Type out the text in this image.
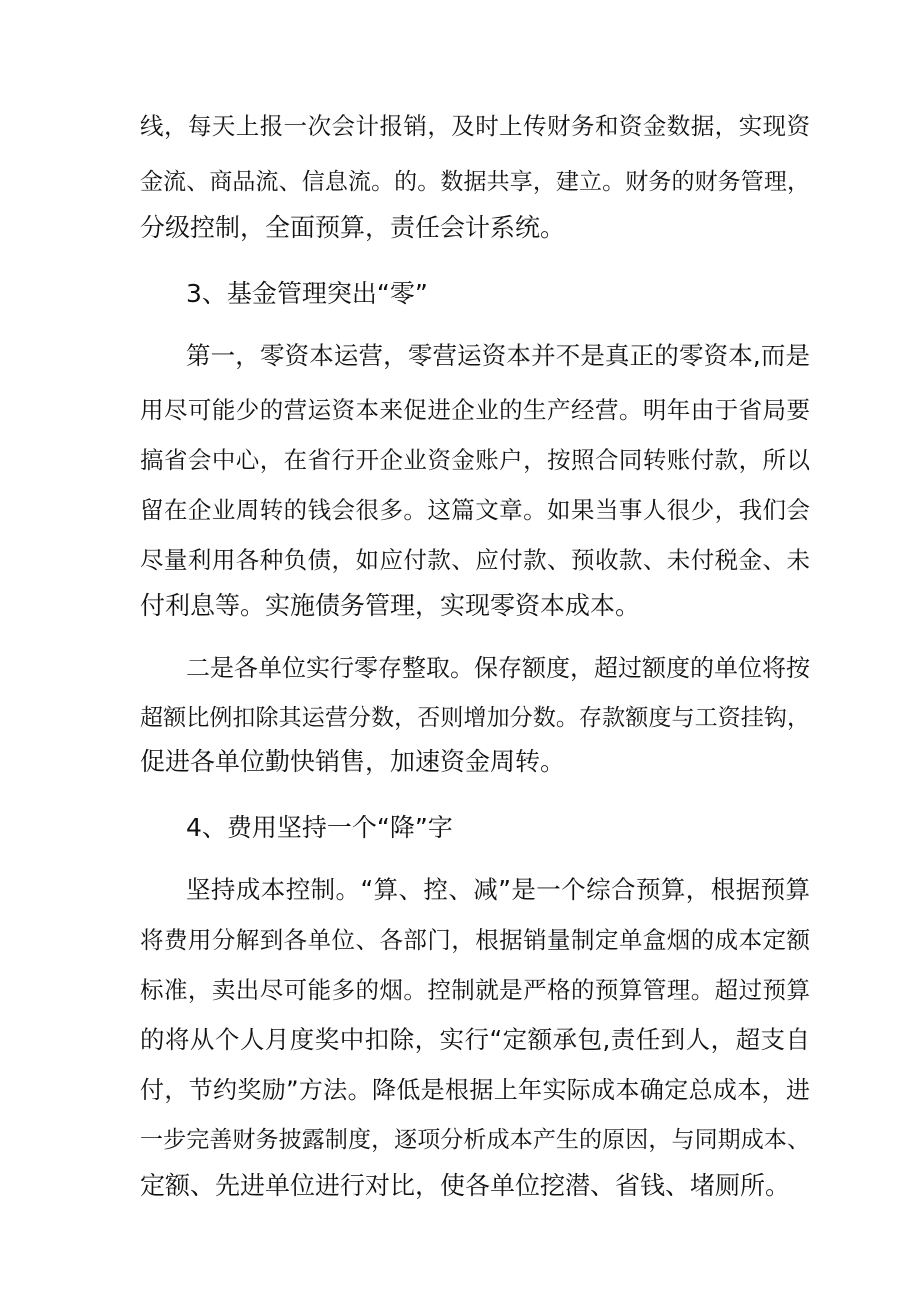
线，每天上报一次会计报销，及时上传财务和资金数据，实现资
金流、商品流、信息流。的。数据共享，建立。财务的财务管理，
分级控制，全面预算，责任会计系统。
3、基金管理突出“零”
第一，零资本运营，零营运资本并不是真正的零资本,而是
用尽可能少的营运资本来促进企业的生产经营。明年由于省局要
搞省会中心，在省行开企业资金账户，按照合同转账付款，所以
留在企业周转的钱会很多。这篇文章。如果当事人很少，我们会
尽量利用各种负债，如应付款、应付款、预收款、未付税金、未
付利息等。实施债务管理，实现零资本成本。
二是各单位实行零存整取。保存额度，超过额度的单位将按
超额比例扣除其运营分数，否则增加分数。存款额度与工资挂钩，
促进各单位勤快销售，加速资金周转。
4、费用坚持一个“降”字
坚持成本控制。“算、控、减”是一个综合预算，根据预算
将费用分解到各单位、各部门，根据销量制定单盒烟的成本定额
标准，卖出尽可能多的烟。控制就是严格的预算管理。超过预算
的将从个人月度奖中扣除，实行“定额承包,责任到人，超支自
付，节约奖励”方法。降低是根据上年实际成本确定总成本，进
一步完善财务披露制度，逐项分析成本产生的原因，与同期成本、
定额、先进单位进行对比，使各单位挖潜、省钱、堵厕所。
